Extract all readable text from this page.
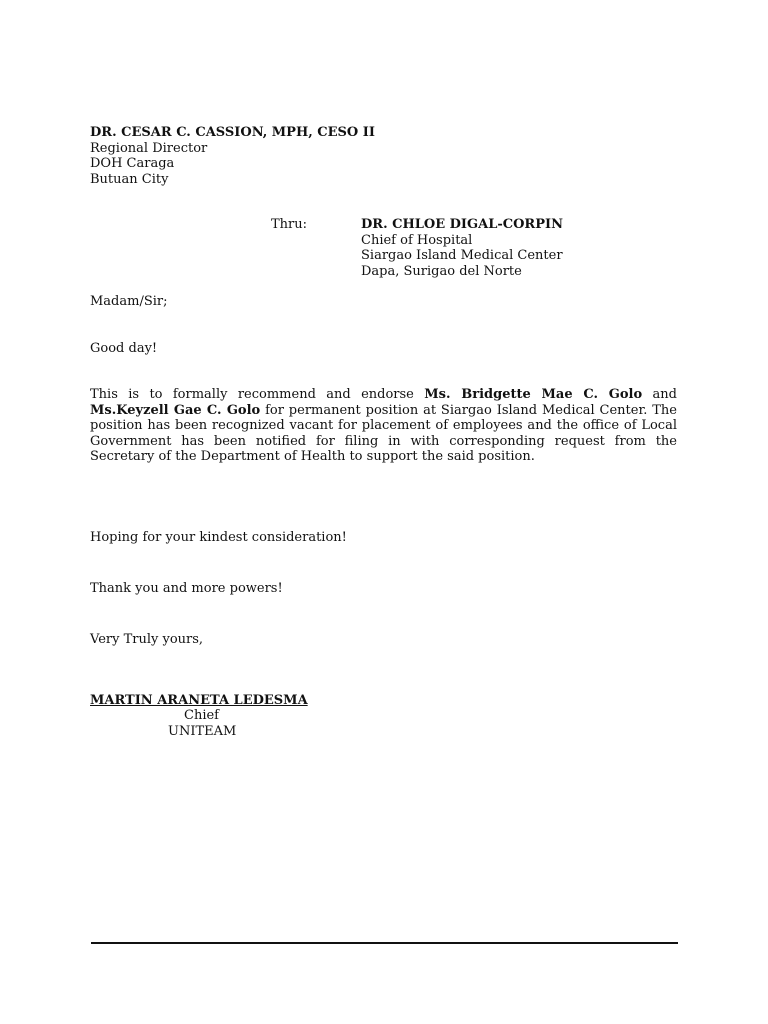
DR. CESAR C. CASSION, MPH, CESO II
Regional Director
DOH Caraga
Butuan City
Thru:	DR. CHLOE DIGAL-CORPIN
Chief of Hospital
Siargao Island Medical Center
Dapa, Surigao del Norte
Madam/Sir;
Good day!
This is to formally recommend and endorse Ms. Bridgette Mae C. Golo and Ms.Keyzell Gae C. Golo for permanent position at Siargao Island Medical Center. The position has been recognized vacant for placement of employees and the office of Local Government has been notified for filing in with corresponding request from the Secretary of the Department of Health to support the said position.
Hoping for your kindest consideration!
Thank you and more powers!
Very Truly yours,
MARTIN ARANETA LEDESMA
Chief
UNITEAM
